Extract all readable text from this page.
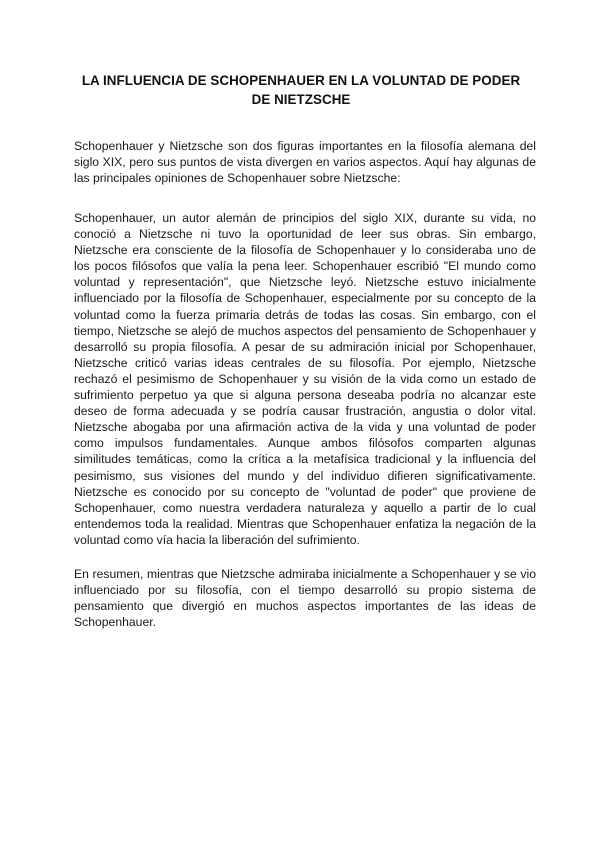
LA INFLUENCIA DE SCHOPENHAUER EN LA VOLUNTAD DE PODER DE NIETZSCHE

Schopenhauer y Nietzsche son dos figuras importantes en la filosofía alemana del siglo XIX, pero sus puntos de vista divergen en varios aspectos. Aquí hay algunas de las principales opiniones de Schopenhauer sobre Nietzsche:

Schopenhauer, un autor alemán de principios del siglo XIX, durante su vida, no conoció a Nietzsche ni tuvo la oportunidad de leer sus obras. Sin embargo, Nietzsche era consciente de la filosofía de Schopenhauer y lo consideraba uno de los pocos filósofos que valía la pena leer. Schopenhauer escribió "El mundo como voluntad y representación", que Nietzsche leyó. Nietzsche estuvo inicialmente influenciado por la filosofía de Schopenhauer, especialmente por su concepto de la voluntad como la fuerza primaria detrás de todas las cosas. Sin embargo, con el tiempo, Nietzsche se alejó de muchos aspectos del pensamiento de Schopenhauer y desarrolló su propia filosofía. A pesar de su admiración inicial por Schopenhauer, Nietzsche criticó varias ideas centrales de su filosofía. Por ejemplo, Nietzsche rechazó el pesimismo de Schopenhauer y su visión de la vida como un estado de sufrimiento perpetuo ya que si alguna persona deseaba podría no alcanzar este deseo de forma adecuada y se podría causar frustración, angustia o dolor vital. Nietzsche abogaba por una afirmación activa de la vida y una voluntad de poder como impulsos fundamentales. Aunque ambos filósofos comparten algunas similitudes temáticas, como la crítica a la metafísica tradicional y la influencia del pesimismo, sus visiones del mundo y del individuo difieren significativamente. Nietzsche es conocido por su concepto de "voluntad de poder" que proviene de Schopenhauer, como nuestra verdadera naturaleza y aquello a partir de lo cual entendemos toda la realidad. Mientras que Schopenhauer enfatiza la negación de la voluntad como vía hacia la liberación del sufrimiento.

En resumen, mientras que Nietzsche admiraba inicialmente a Schopenhauer y se vio influenciado por su filosofía, con el tiempo desarrolló su propio sistema de pensamiento que divergió en muchos aspectos importantes de las ideas de Schopenhauer.
